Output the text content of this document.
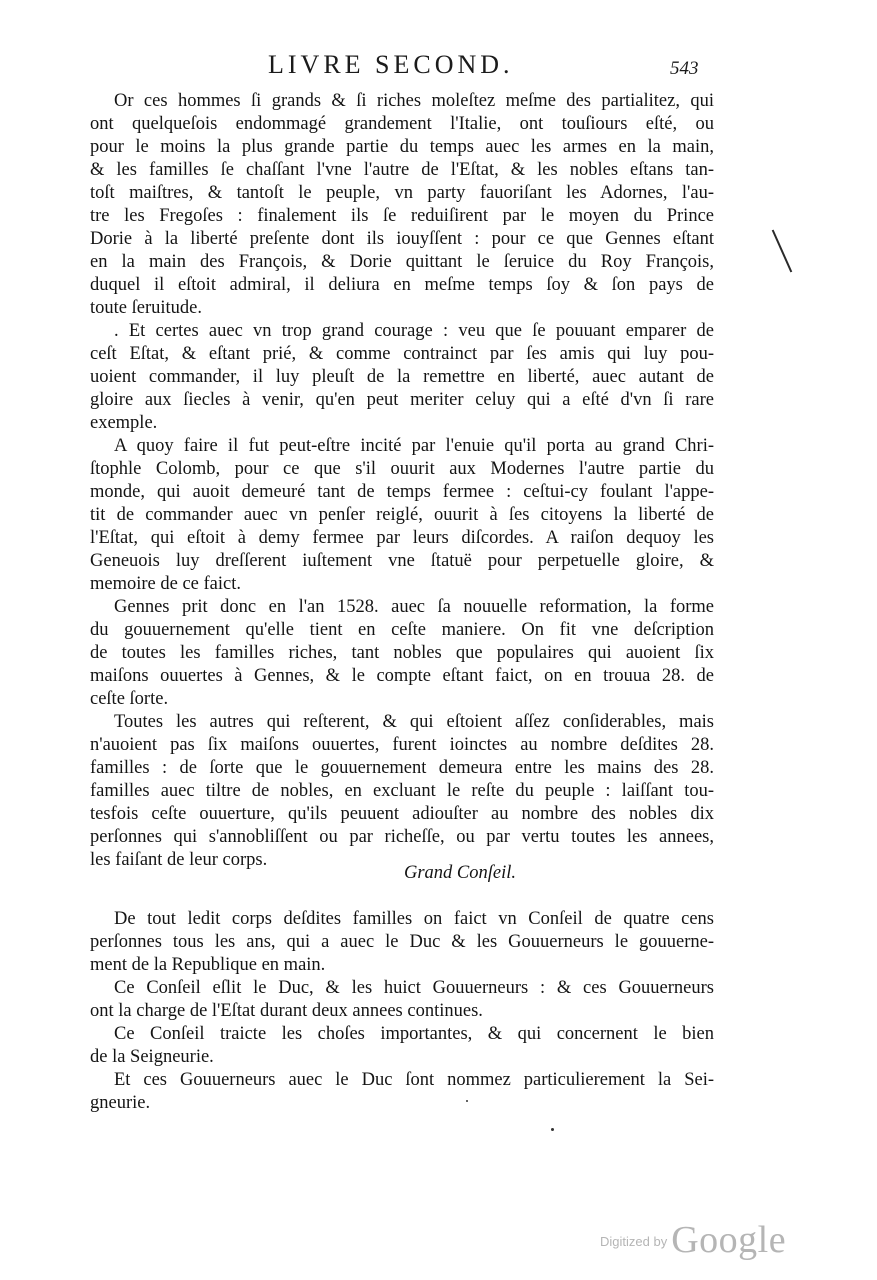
LIVRE SECOND.	543
Or ces hommes ſi grands & ſi riches moleſtez meſme des partialitez, qui
ont quelqueſois endommagé grandement l'Italie, ont touſiours eſté, ou
pour le moins la plus grande partie du temps auec les armes en la main,
& les familles ſe chaſſant l'vne l'autre de l'Eſtat, & les nobles eſtans tan-
toſt maiſtres, & tantoſt le peuple, vn party fauoriſant les Adornes, l'au-
tre les Fregoſes : finalement ils ſe reduiſirent par le moyen du Prince
Dorie à la liberté preſente dont ils iouyſſent : pour ce que Gennes eſtant
en la main des François, & Dorie quittant le ſeruice du Roy François,
duquel il eſtoit admiral, il deliura en meſme temps ſoy & ſon pays de
toute ſeruitude.
. Et certes auec vn trop grand courage : veu que ſe pouuant emparer de
ceſt Eſtat, & eſtant prié, & comme contrainct par ſes amis qui luy pou-
uoient commander, il luy pleuſt de la remettre en liberté, auec autant de
gloire aux ſiecles à venir, qu'en peut meriter celuy qui a eſté d'vn ſi rare
exemple.
A quoy faire il fut peut-eſtre incité par l'enuie qu'il porta au grand Chri-
ſtophle Colomb, pour ce que s'il ouurit aux Modernes l'autre partie du
monde, qui auoit demeuré tant de temps fermee : ceſtui-cy foulant l'appe-
tit de commander auec vn penſer reiglé, ouurit à ſes citoyens la liberté de
l'Eſtat, qui eſtoit à demy fermee par leurs diſcordes. A raiſon dequoy les
Geneuois luy dreſſerent iuſtement vne ſtatuë pour perpetuelle gloire, &
memoire de ce faict.
Gennes prit donc en l'an 1528. auec ſa nouuelle reformation, la forme
du gouuernement qu'elle tient en ceſte maniere. On fit vne deſcription
de toutes les familles riches, tant nobles que populaires qui auoient ſix
maiſons ouuertes à Gennes, & le compte eſtant faict, on en trouua 28. de
ceſte ſorte.
Toutes les autres qui reſterent, & qui eſtoient aſſez conſiderables, mais
n'auoient pas ſix maiſons ouuertes, furent ioinctes au nombre deſdites 28.
familles : de ſorte que le gouuernement demeura entre les mains des 28.
familles auec tiltre de nobles, en excluant le reſte du peuple : laiſſant tou-
tesfois ceſte ouuerture, qu'ils peuuent adiouſter au nombre des nobles dix
perſonnes qui s'annobliſſent ou par richeſſe, ou par vertu toutes les annees,
les faiſant de leur corps.
Grand Conſeil.
De tout ledit corps deſdites familles on faict vn Conſeil de quatre cens
perſonnes tous les ans, qui a auec le Duc & les Gouuerneurs le gouuerne-
ment de la Republique en main.
Ce Conſeil eſlit le Duc, & les huict Gouuerneurs : & ces Gouuerneurs
ont la charge de l'Eſtat durant deux annees continues.
Ce Conſeil traicte les choſes importantes, & qui concernent le bien
de la Seigneurie.
Et ces Gouuerneurs auec le Duc ſont nommez particulierement la Sei-
gneurie.
$^{Digitized by}$ Google
